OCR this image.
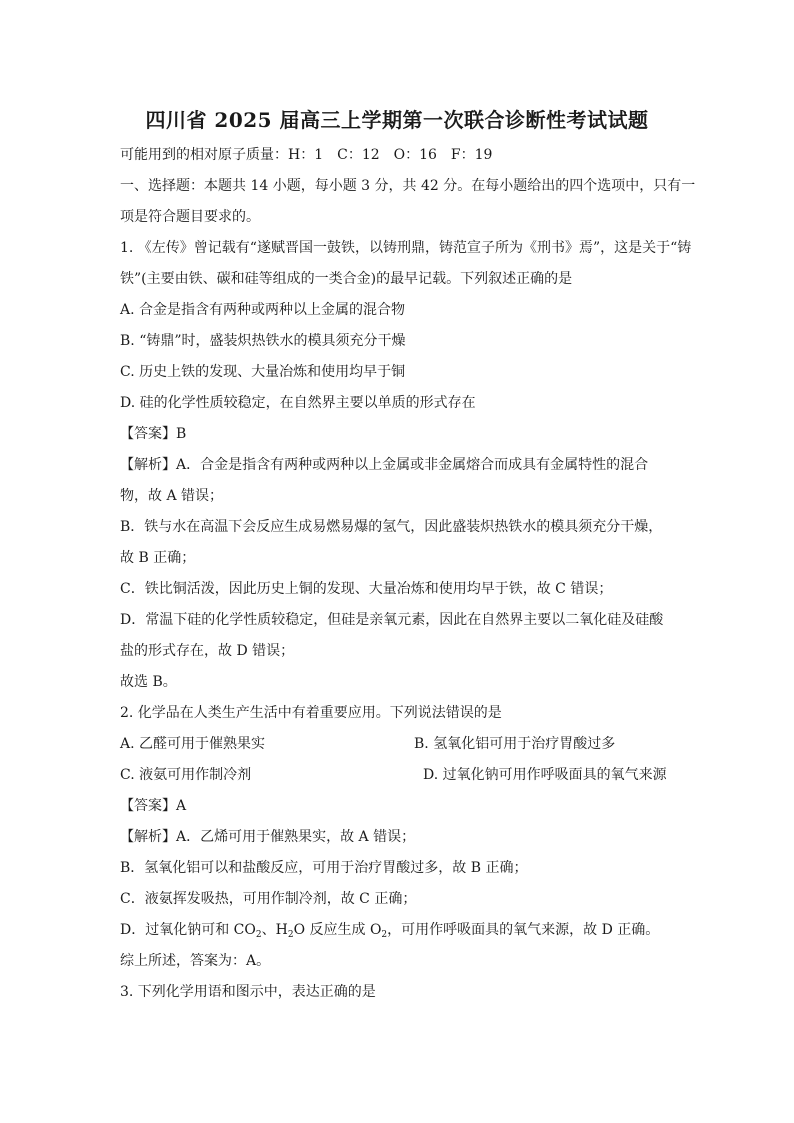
四川省 2025 届高三上学期第一次联合诊断性考试试题
可能用到的相对原子质量：H：1　C：12　O：16　F：19
一、选择题：本题共 14 小题，每小题 3 分，共 42 分。在每小题给出的四个选项中，只有一
项是符合题目要求的。
1. 《左传》曾记载有“遂赋晋国一鼓铁，以铸刑鼎，铸范宣子所为《刑书》焉”，这是关于“铸
铁”(主要由铁、碳和硅等组成的一类合金)的最早记载。下列叙述正确的是
A. 合金是指含有两种或两种以上金属的混合物
B. “铸鼎”时，盛装炽热铁水的模具须充分干燥
C. 历史上铁的发现、大量冶炼和使用均早于铜
D. 硅的化学性质较稳定，在自然界主要以单质的形式存在
【答案】B
【解析】A．合金是指含有两种或两种以上金属或非金属熔合而成具有金属特性的混合
物，故 A 错误；
B．铁与水在高温下会反应生成易燃易爆的氢气，因此盛装炽热铁水的模具须充分干燥，
故 B 正确；
C．铁比铜活泼，因此历史上铜的发现、大量冶炼和使用均早于铁，故 C 错误；
D．常温下硅的化学性质较稳定，但硅是亲氧元素，因此在自然界主要以二氧化硅及硅酸
盐的形式存在，故 D 错误；
故选 B。
2. 化学品在人类生产生活中有着重要应用。下列说法错误的是
A. 乙醛可用于催熟果实	B. 氢氧化铝可用于治疗胃酸过多
C. 液氨可用作制冷剂	D. 过氧化钠可用作呼吸面具的氧气来源
【答案】A
【解析】A．乙烯可用于催熟果实，故 A 错误；
B．氢氧化铝可以和盐酸反应，可用于治疗胃酸过多，故 B 正确；
C．液氨挥发吸热，可用作制冷剂，故 C 正确；
D．过氧化钠可和 $CO_2$、$H_2O$ 反应生成 $O_2$，可用作呼吸面具的氧气来源，故 D 正确。
综上所述，答案为：A。
3. 下列化学用语和图示中，表达正确的是
